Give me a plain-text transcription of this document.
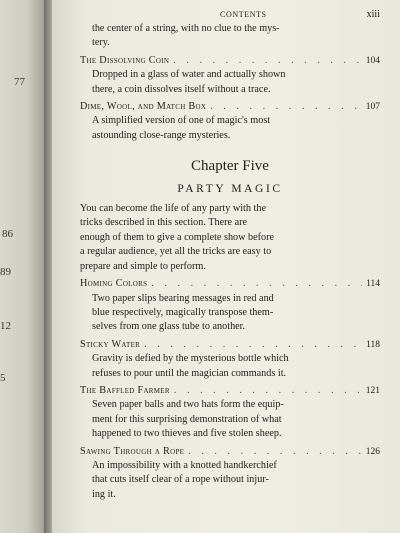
77
86
89
12
5
CONTENTS	xiii
the center of a string, with no clue to the mys-
tery.
The Dissolving Coin . . .	104
Dropped in a glass of water and actually shown
there, a coin dissolves itself without a trace.
Dime, Wool, and Match Box . . .	107
A simplified version of one of magic's most
astounding close-range mysteries.
Chapter Five
PARTY MAGIC
You can become the life of any party with the
tricks described in this section. There are
enough of them to give a complete show before
a regular audience, yet all the tricks are easy to
prepare and simple to perform.
Homing Colors . . .	114
Two paper slips bearing messages in red and
blue respectively, magically transpose them-
selves from one glass tube to another.
Sticky Water . . .	118
Gravity is defied by the mysterious bottle which
refuses to pour until the magician commands it.
The Baffled Farmer . . .	121
Seven paper balls and two hats form the equip-
ment for this surprising demonstration of what
happened to two thieves and five stolen sheep.
Sawing Through a Rope . . .	126
An impossibility with a knotted handkerchief
that cuts itself clear of a rope without injur-
ing it.
